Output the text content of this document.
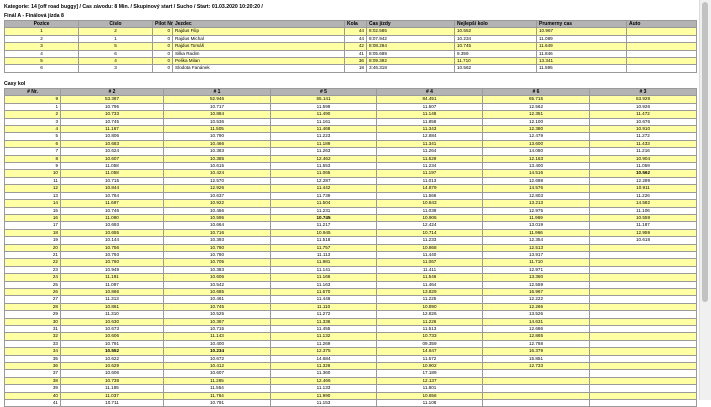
Kategorie: 14 [off road buggy] / Cas závodu: 8 Min. / Skupinový start / Sucho / Start: 01.03.2020 10:20:20 /
Finál A - Finálová jízda 8
Pozice	Císlo	Pilot Nr	Jezdec	Kola	Cas jízdy	Nejlepší kolo	Prumerny cas	Auto
1	2	0	Rajdus Filip	44	8:02.585	10.552	10.967	
2	1	0	Rajdus Michal	44	8:07.942	10.234	11.089	
3	5	0	Rajdus Tomáš	42	8:08.284	10.745	11.649	
4	6	0	Silka Radim	41	8:05.689	9.359	11.846	
5	4	0	Pelika Milan	36	8:09.392	11.710	13.341	
6	3	0	Slodota Fanánek	18	3:46.318	10.562	11.595	
Casy kol
# Nr.	# 2	# 1	# 5	# 4	# 6	# 3
9	53.387	52.946	55.141	84.451	65.715	53.929
1	10.795	10.717	11.599	11.507	12.562	10.926
2	10.733	10.884	11.490	11.148	12.351	11.472
3	10.745	10.536	11.161	11.858	12.100	10.676
4	11.167	11.505	11.468	11.343	12.380	10.910
5	10.806	10.790	11.223	12.884	12.479	11.272
6	10.683	10.466	11.189	11.341	13.600	11.433
7	10.624	10.383	11.263	11.264	14.080	11.216
8	10.607	10.385	12.462	11.529	12.163	10.904
9	11.058	10.615	11.553	11.234	13.400	11.059
10	11.058	10.424	11.065	11.197	14.516	10.562
11	10.715	12.570	12.287	11.013	12.698	12.289
12	10.844	12.926	11.442	14.879	14.576	10.911
13	10.784	10.637	11.739	11.566	12.803	11.226
14	11.697	10.922	11.504	10.843	13.213	14.582
15	10.746	10.456	11.231	11.039	12.975	11.106
16	11.090	10.595	10.745	10.906	11.969	10.559
17	10.693	10.664	11.217	12.424	13.019	11.187
18	10.655	10.716	10.945	10.714	11.966	12.959
19	10.144	10.393	11.518	11.233	12.354	10.618
20	10.756	10.780	11.757	10.868	12.513	
21	10.793	10.780	11.113	11.440	13.917	
22	10.760	10.705	11.981	11.067	11.710	
23	10.949	10.383	11.141	11.411	12.971	
24	11.191	10.606	11.166	11.546	13.360	
25	11.097	10.542	11.163	11.464	12.559	
26	10.866	10.685	11.670	13.829	16.967	
27	11.313	10.461	11.446	11.225	12.222	
28	10.861	10.745	11.110	10.890	12.266	
29	11.310	10.525	11.272	12.826	13.526	
30	10.630	10.367	11.336	11.226	14.631	
31	10.673	10.715	11.455	11.513	12.686	
32	10.606	11.143	11.132	10.733	12.865	
33	10.791	10.400	11.269	09.359	12.768	
34	10.552	10.234	12.375	14.647	16.379	
35	10.622	10.672	14.684	11.572	15.851	
36	10.629	10.412	11.326	10.902	12.733	
37	10.606	10.607	11.360	17.189		
38	10.738	11.265	12.466	12.137		
39	11.185	11.554	11.133	11.801		
40	11.037	11.764	11.990	10.656		
41	10.711	10.791	11.153	11.108		
